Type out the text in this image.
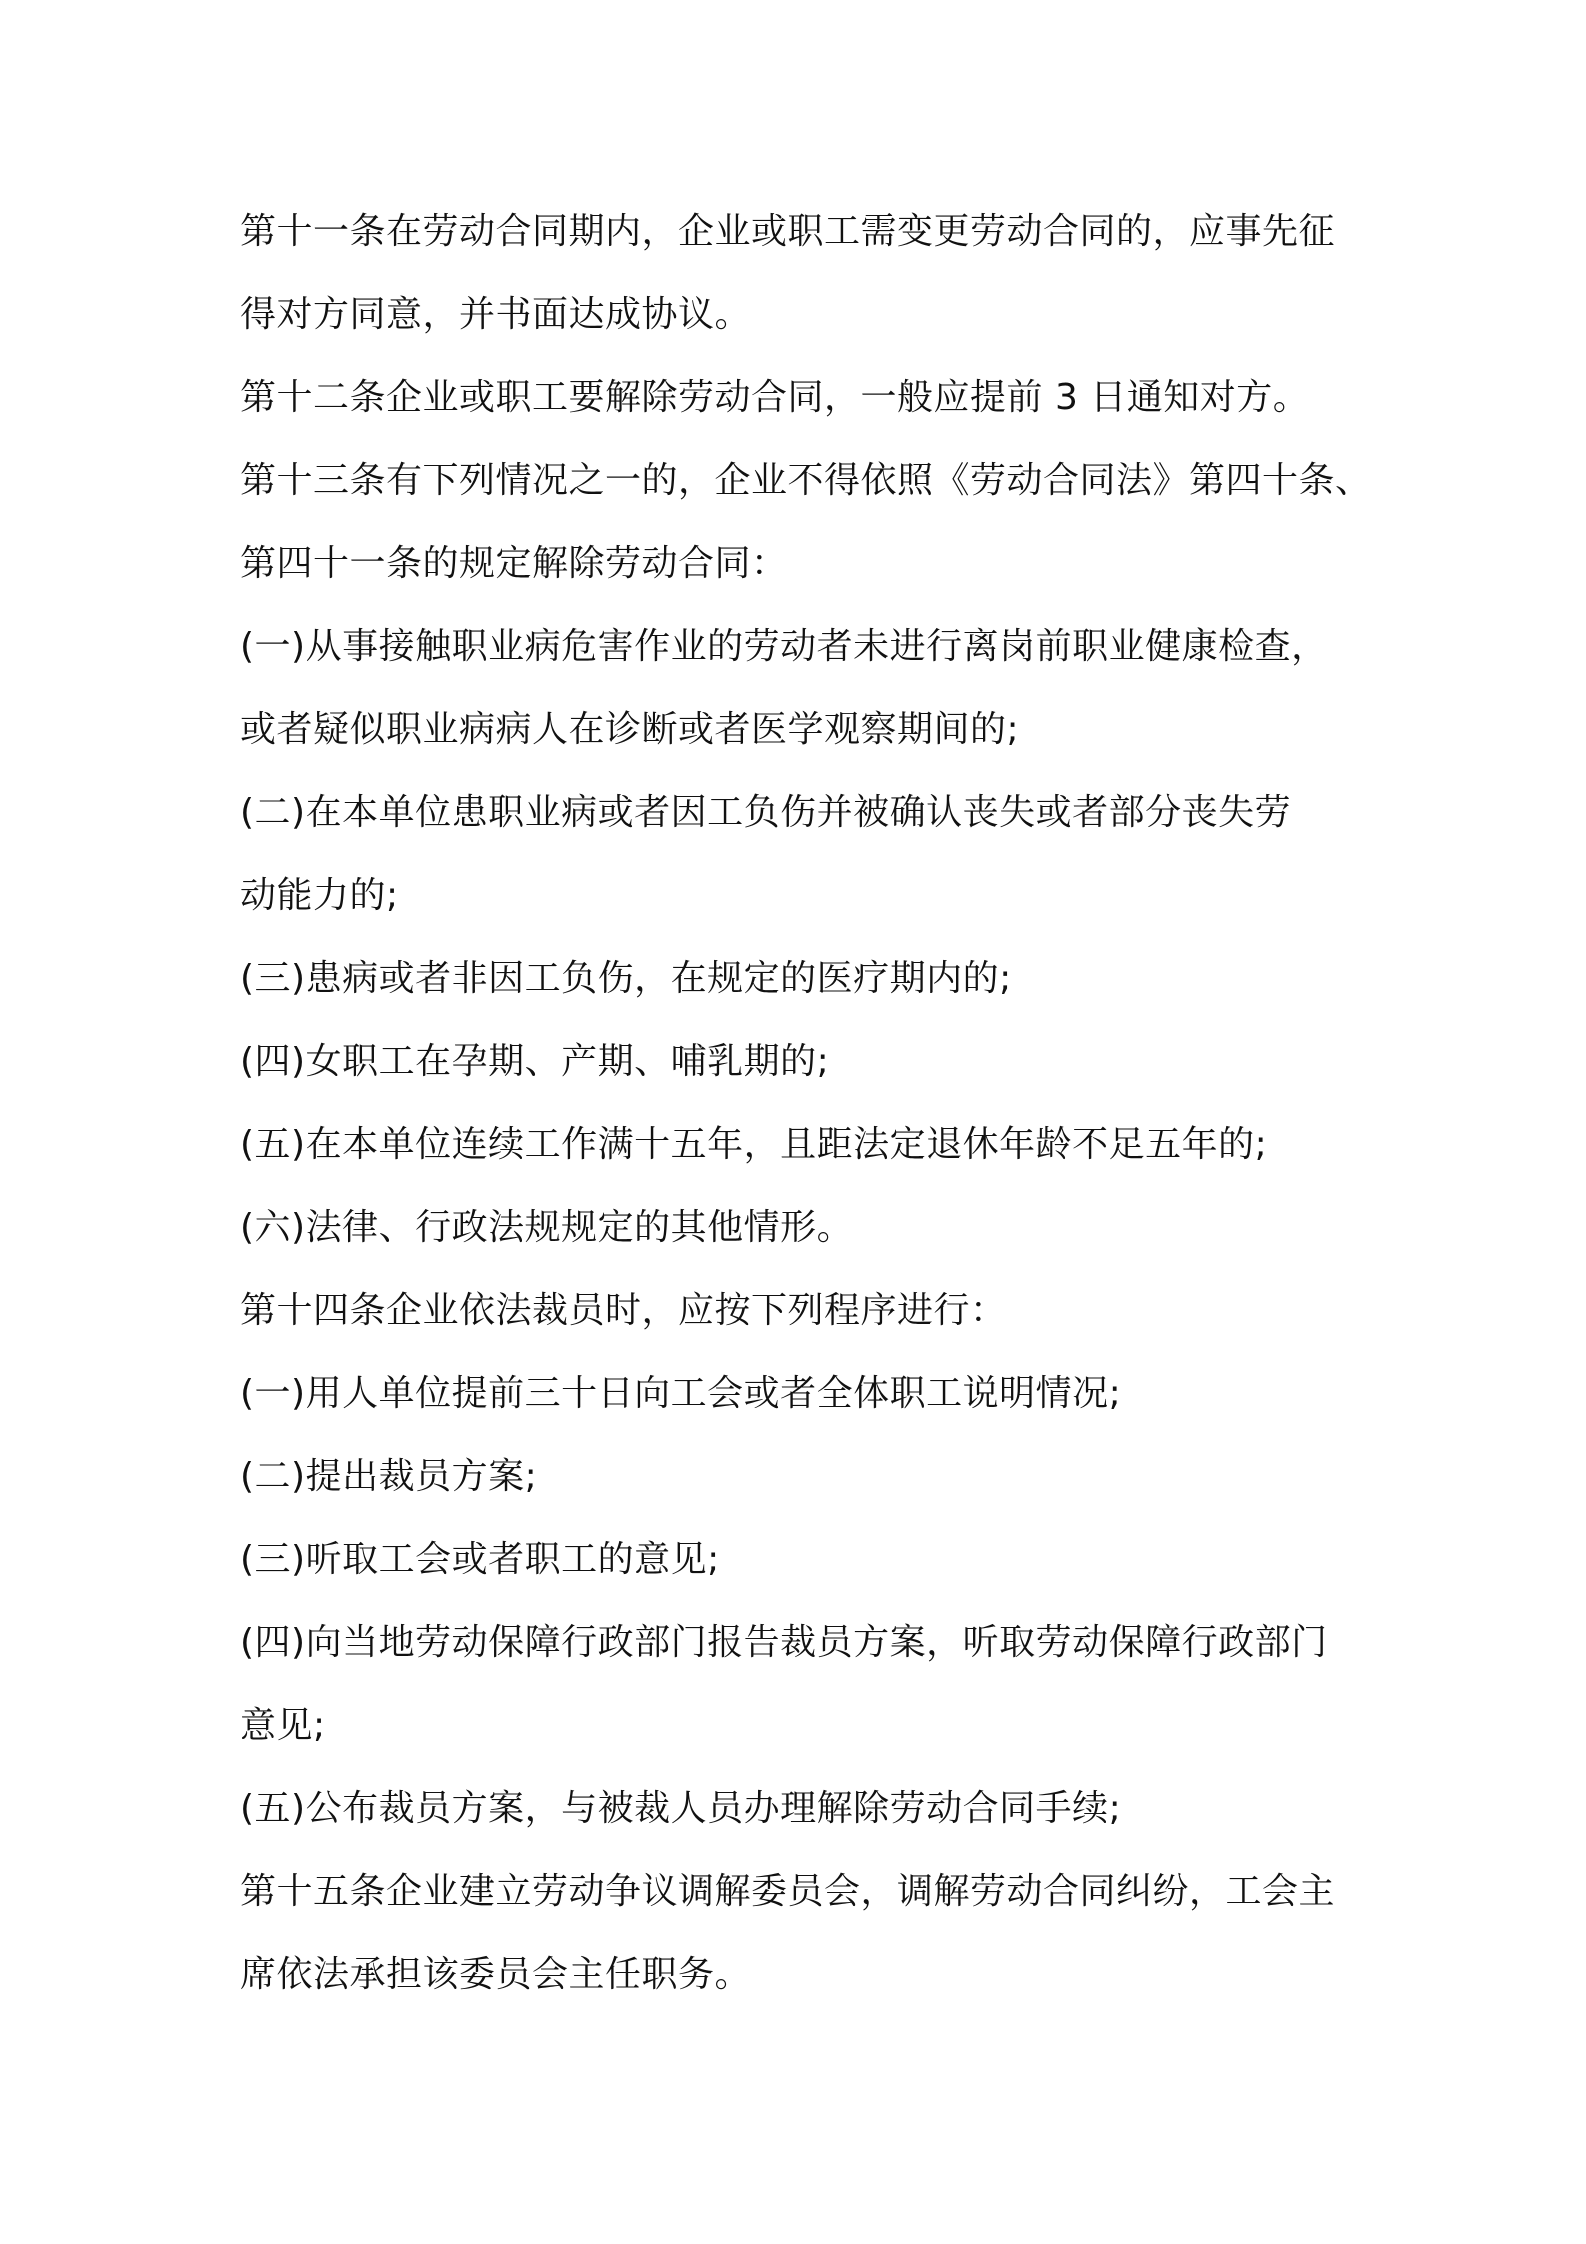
第十一条在劳动合同期内，企业或职工需变更劳动合同的，应事先征
得对方同意，并书面达成协议。
第十二条企业或职工要解除劳动合同，一般应提前 3 日通知对方。
第十三条有下列情况之一的，企业不得依照《劳动合同法》第四十条、
第四十一条的规定解除劳动合同：
(一)从事接触职业病危害作业的劳动者未进行离岗前职业健康检查，
或者疑似职业病病人在诊断或者医学观察期间的;
(二)在本单位患职业病或者因工负伤并被确认丧失或者部分丧失劳
动能力的;
(三)患病或者非因工负伤，在规定的医疗期内的;
(四)女职工在孕期、产期、哺乳期的;
(五)在本单位连续工作满十五年，且距法定退休年龄不足五年的;
(六)法律、行政法规规定的其他情形。
第十四条企业依法裁员时，应按下列程序进行：
(一)用人单位提前三十日向工会或者全体职工说明情况;
(二)提出裁员方案;
(三)听取工会或者职工的意见;
(四)向当地劳动保障行政部门报告裁员方案，听取劳动保障行政部门
意见;
(五)公布裁员方案，与被裁人员办理解除劳动合同手续;
第十五条企业建立劳动争议调解委员会，调解劳动合同纠纷，工会主
席依法承担该委员会主任职务。
